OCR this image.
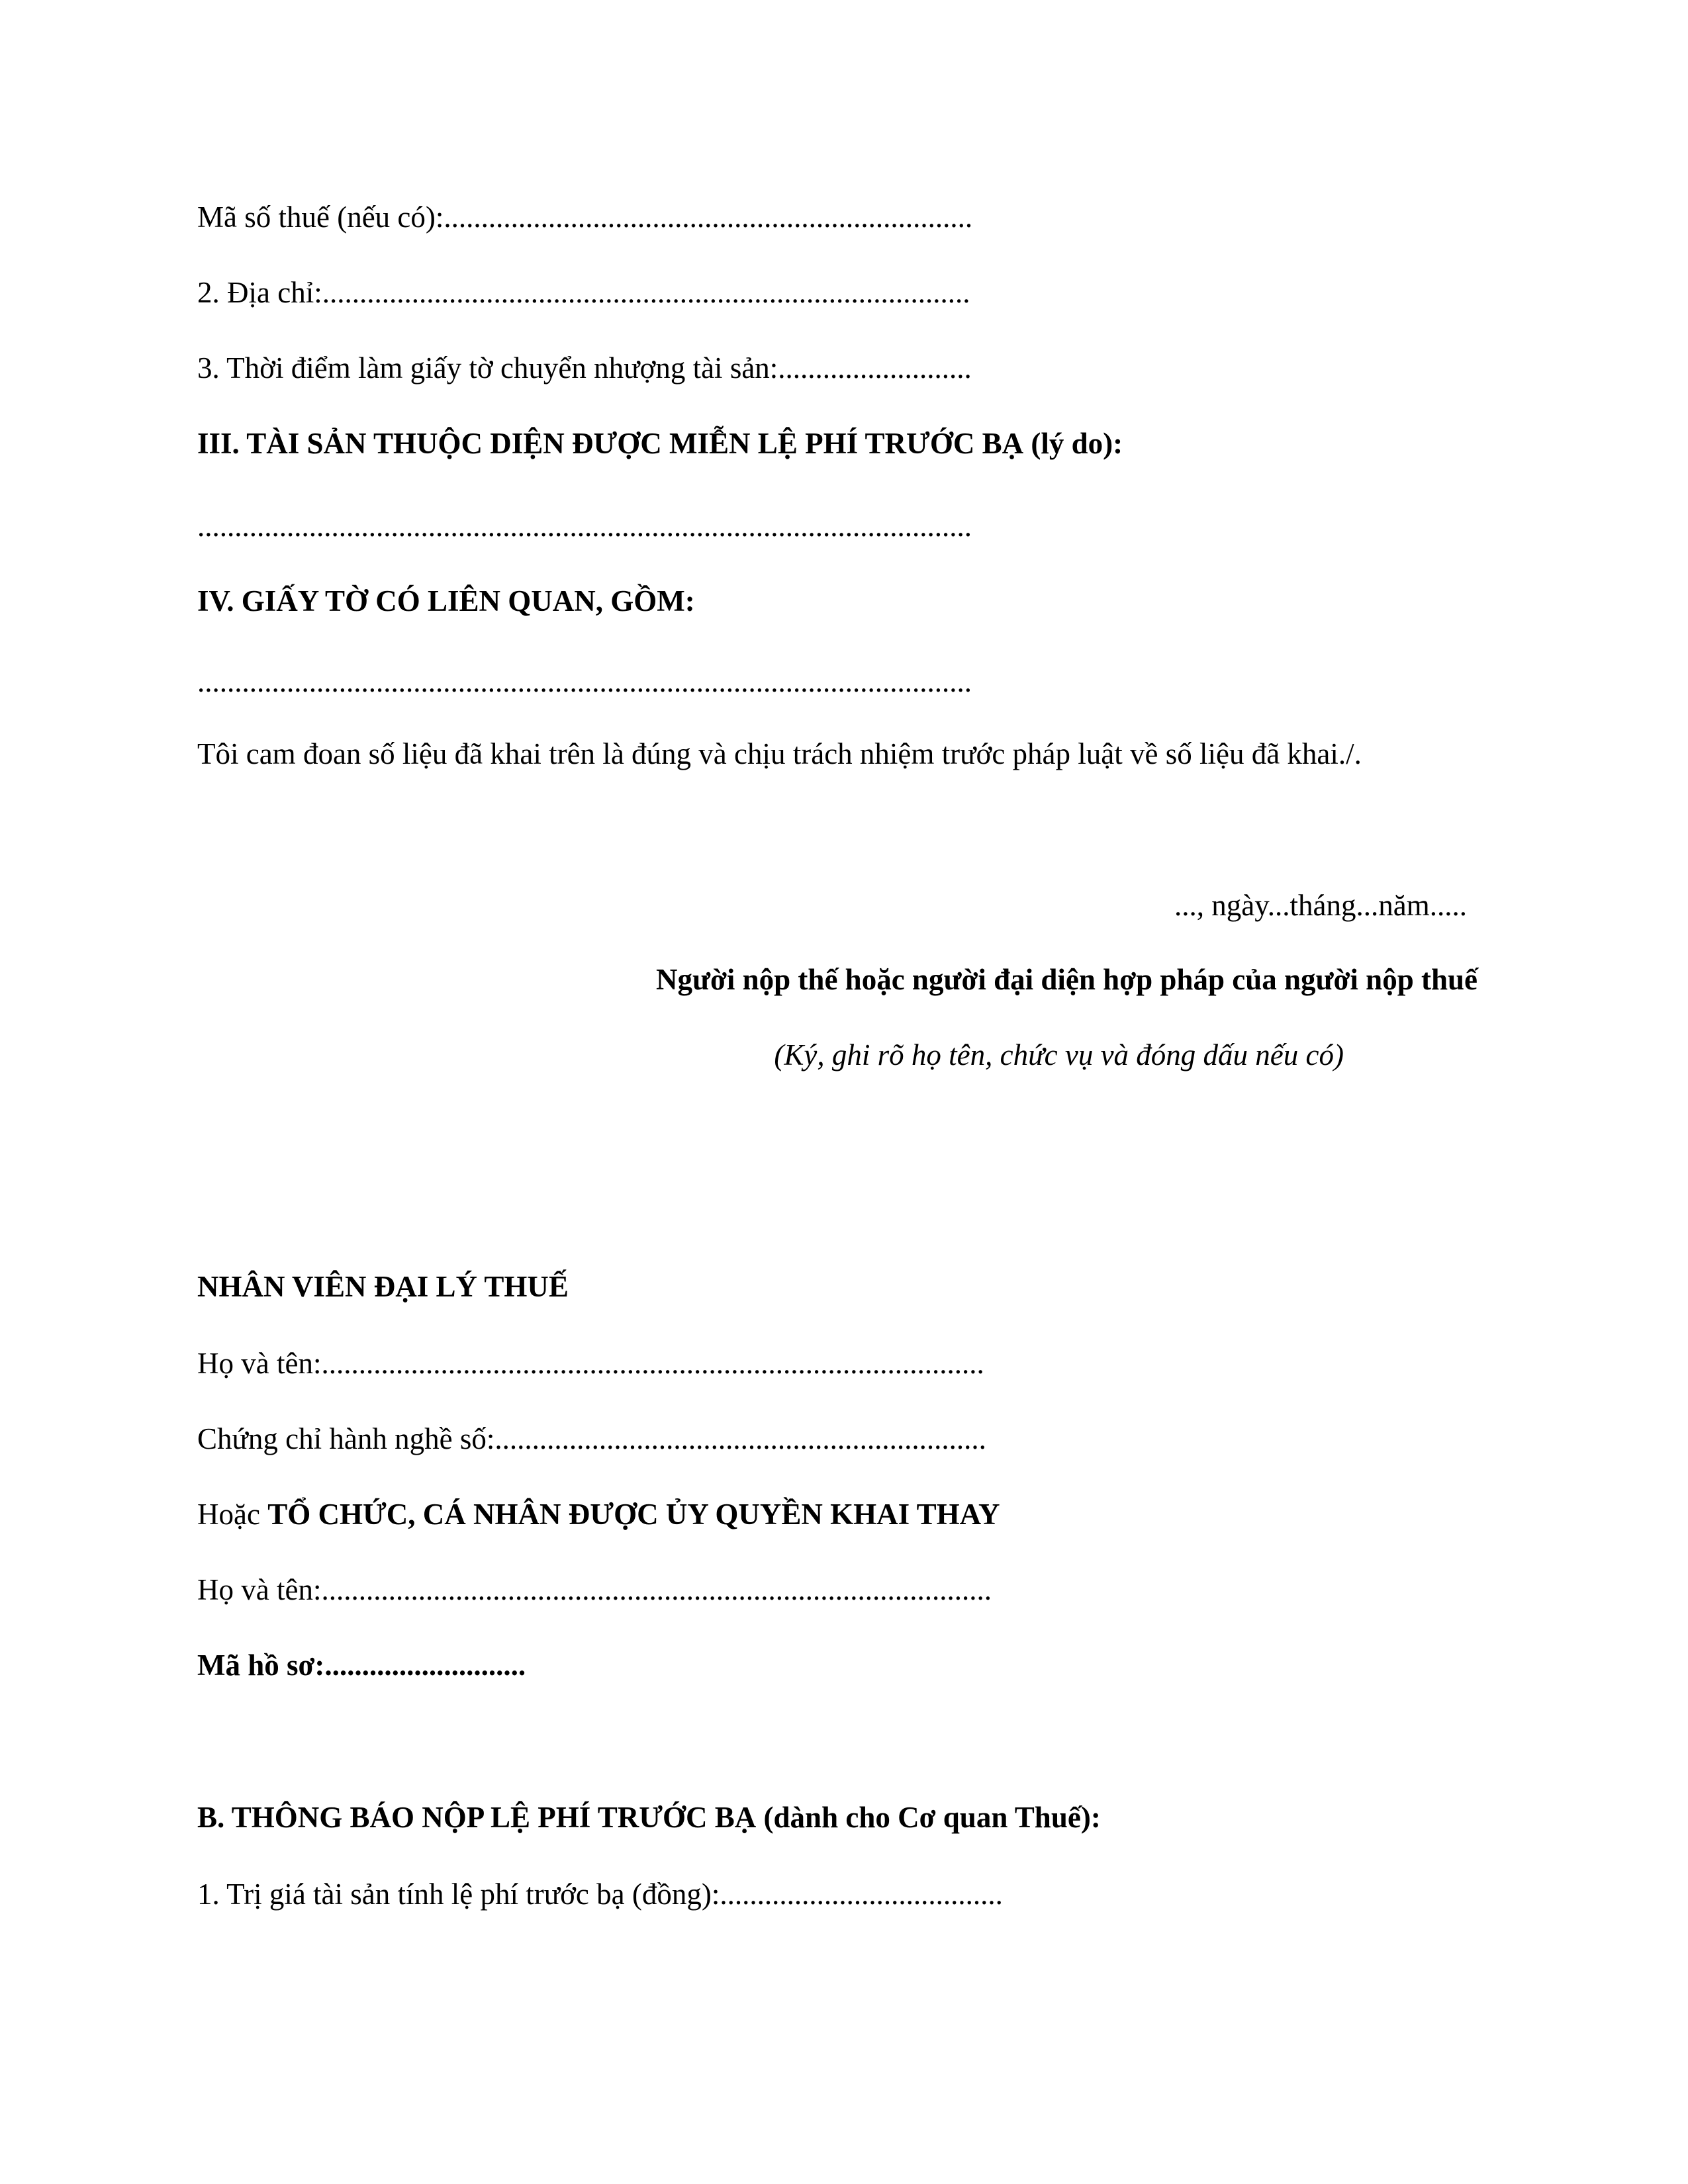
Mã số thuế (nếu có):.......................................................................
2. Địa chỉ:.......................................................................................
3. Thời điểm làm giấy tờ chuyển nhượng tài sản:..........................
III. TÀI SẢN THUỘC DIỆN ĐƯỢC MIỄN LỆ PHÍ TRƯỚC BẠ (lý do):
........................................................................................................
IV. GIẤY TỜ CÓ LIÊN QUAN, GỒM:
........................................................................................................
Tôi cam đoan số liệu đã khai trên là đúng và chịu trách nhiệm trước pháp luật về số liệu đã khai./.
..., ngày...tháng...năm.....
Người nộp thế hoặc người đại diện hợp pháp của người nộp thuế
(Ký, ghi rõ họ tên, chức vụ và đóng dấu nếu có)
NHÂN VIÊN ĐẠI LÝ THUẾ
Họ và tên:.........................................................................................
Chứng chỉ hành nghề số:..................................................................
Hoặc TỔ CHỨC, CÁ NHÂN ĐƯỢC ỦY QUYỀN KHAI THAY
Họ và tên:..........................................................................................
Mã hồ sơ:...........................
B. THÔNG BÁO NỘP LỆ PHÍ TRƯỚC BẠ (dành cho Cơ quan Thuế):
1. Trị giá tài sản tính lệ phí trước bạ (đồng):......................................
